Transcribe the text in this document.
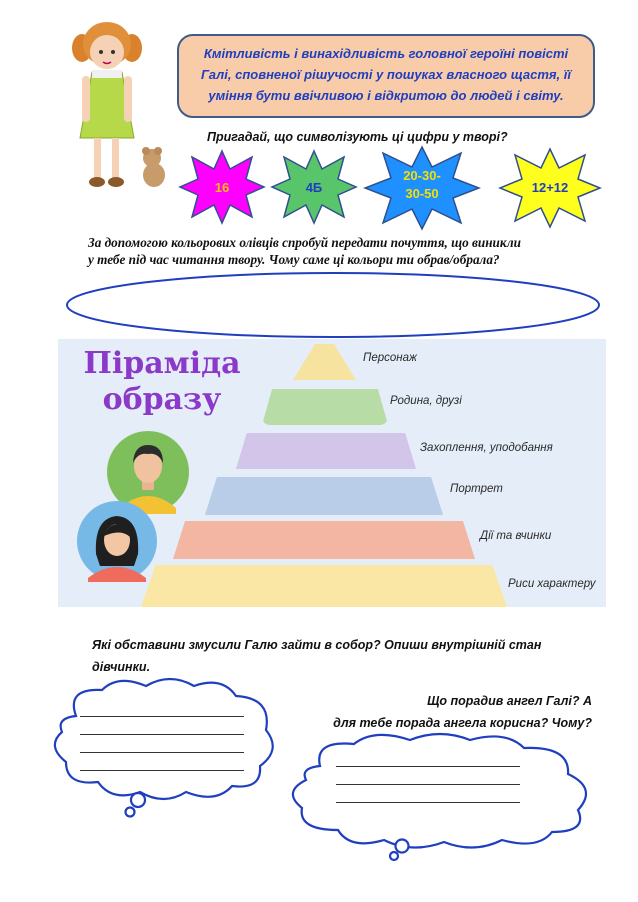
Кмітливість і винахідливість головної героїні повісті
Галі, сповненої рішучості у пошуках власного щастя, її
уміння бути ввічливою і відкритою до людей і світу.
Пригадай, що символізують ці цифри у творі?
16	4Б
20-30-
30-50	12+12
За допомогою кольорових олівців спробуй передати почуття, що виникли
у тебе під час читання твору. Чому саме ці кольори ти обрав/обрала?
Піраміда
образу
Персонаж
Родина, друзі
Захоплення, уподобання
Портрет
Дії та вчинки
Риси характеру
Які обставини змусили Галю зайти в собор? Опиши внутрішній стан
дівчинки.
Що порадив ангел Галі? А
для тебе порада ангела корисна? Чому?
